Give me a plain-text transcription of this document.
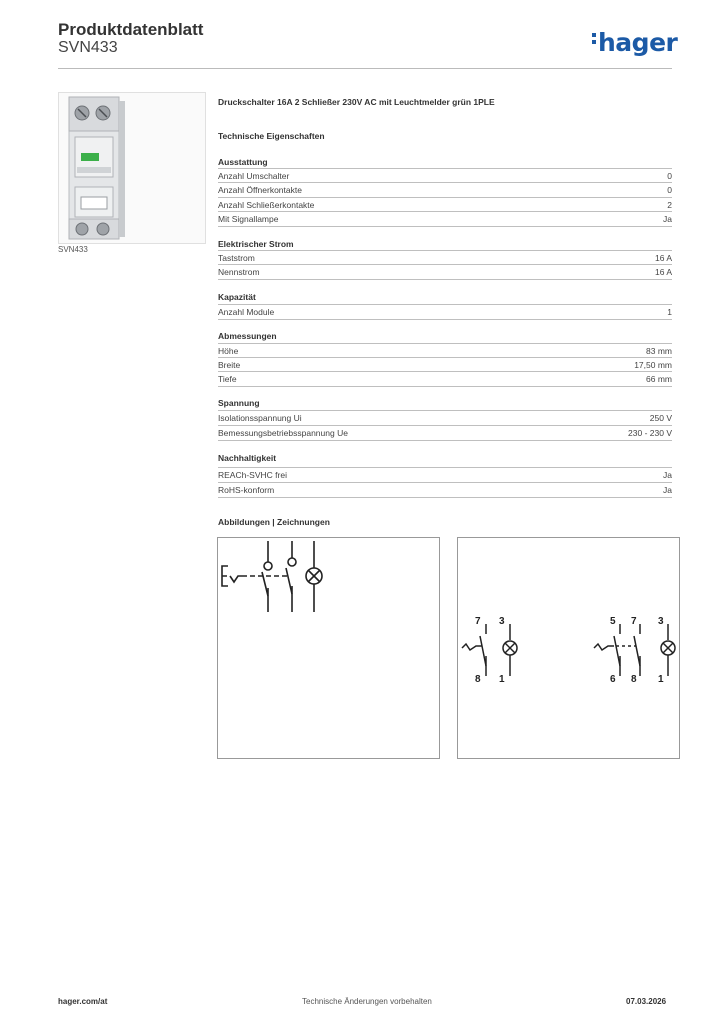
Produktdatenblatt
SVN433	hager
SVN433
Druckschalter 16A 2 Schließer 230V AC mit Leuchtmelder grün 1PLE
Technische Eigenschaften
Ausstattung
Anzahl Umschalter	0
Anzahl Öffnerkontakte	0
Anzahl Schließerkontakte	2
Mit Signallampe	Ja
Elektrischer Strom
Taststrom	16 A
Nennstrom	16 A
Kapazität
Anzahl Module	1
Abmessungen
Höhe	83 mm
Breite	17,50 mm
Tiefe	66 mm
Spannung
Isolationsspannung Ui	250 V
Bemessungsbetriebsspannung Ue	230 - 230 V
Nachhaltigkeit
REACh-SVHC frei	Ja
RoHS-konform	Ja
Abbildungen | Zeichnungen
7 3
8 1
5 7 3
6 8 1
hager.com/at	Technische Änderungen vorbehalten	07.03.2026
